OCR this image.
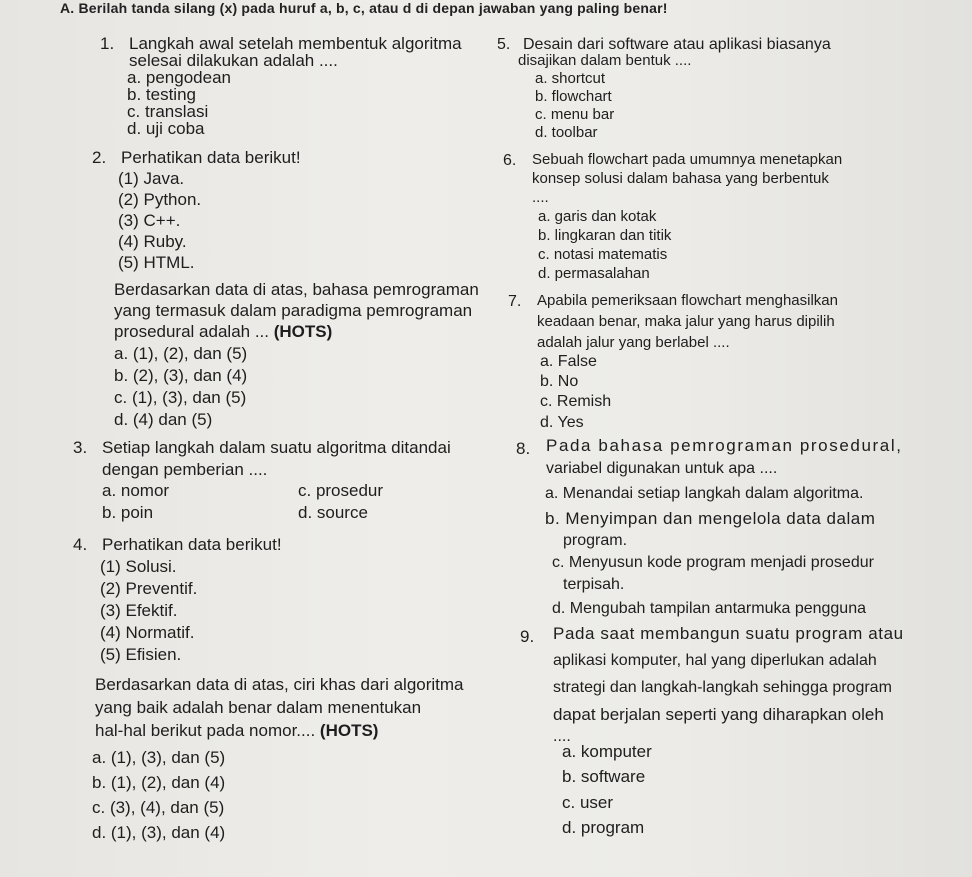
A. Berilah tanda silang (x) pada huruf a, b, c, atau d di depan jawaban yang paling benar!
1. Langkah awal setelah membentuk algoritma
selesai dilakukan adalah ....
a. pengodean
b. testing
c. translasi
d. uji coba
2. Perhatikan data berikut!
(1) Java.
(2) Python.
(3) C++.
(4) Ruby.
(5) HTML.
Berdasarkan data di atas, bahasa pemrograman
yang termasuk dalam paradigma pemrograman
prosedural adalah ... (HOTS)
a. (1), (2), dan (5)
b. (2), (3), dan (4)
c. (1), (3), dan (5)
d. (4) dan (5)
3. Setiap langkah dalam suatu algoritma ditandai
dengan pemberian ....
a. nomor	c. prosedur
b. poin	d. source
4. Perhatikan data berikut!
(1) Solusi.
(2) Preventif.
(3) Efektif.
(4) Normatif.
(5) Efisien.
Berdasarkan data di atas, ciri khas dari algoritma
yang baik adalah benar dalam menentukan
hal-hal berikut pada nomor.... (HOTS)
a. (1), (3), dan (5)
b. (1), (2), dan (4)
c. (3), (4), dan (5)
d. (1), (3), dan (4)
5. Desain dari software atau aplikasi biasanya
disajikan dalam bentuk ....
a. shortcut
b. flowchart
c. menu bar
d. toolbar
6. Sebuah flowchart pada umumnya menetapkan
konsep solusi dalam bahasa yang berbentuk
....
a. garis dan kotak
b. lingkaran dan titik
c. notasi matematis
d. permasalahan
7. Apabila pemeriksaan flowchart menghasilkan
keadaan benar, maka jalur yang harus dipilih
adalah jalur yang berlabel ....
a. False
b. No
c. Remish
d. Yes
8. Pada bahasa pemrograman prosedural,
variabel digunakan untuk apa ....
a. Menandai setiap langkah dalam algoritma.
b. Menyimpan dan mengelola data dalam
program.
c. Menyusun kode program menjadi prosedur
terpisah.
d. Mengubah tampilan antarmuka pengguna
9. Pada saat membangun suatu program atau
aplikasi komputer, hal yang diperlukan adalah
strategi dan langkah-langkah sehingga program
dapat berjalan seperti yang diharapkan oleh
....
a. komputer
b. software
c. user
d. program
